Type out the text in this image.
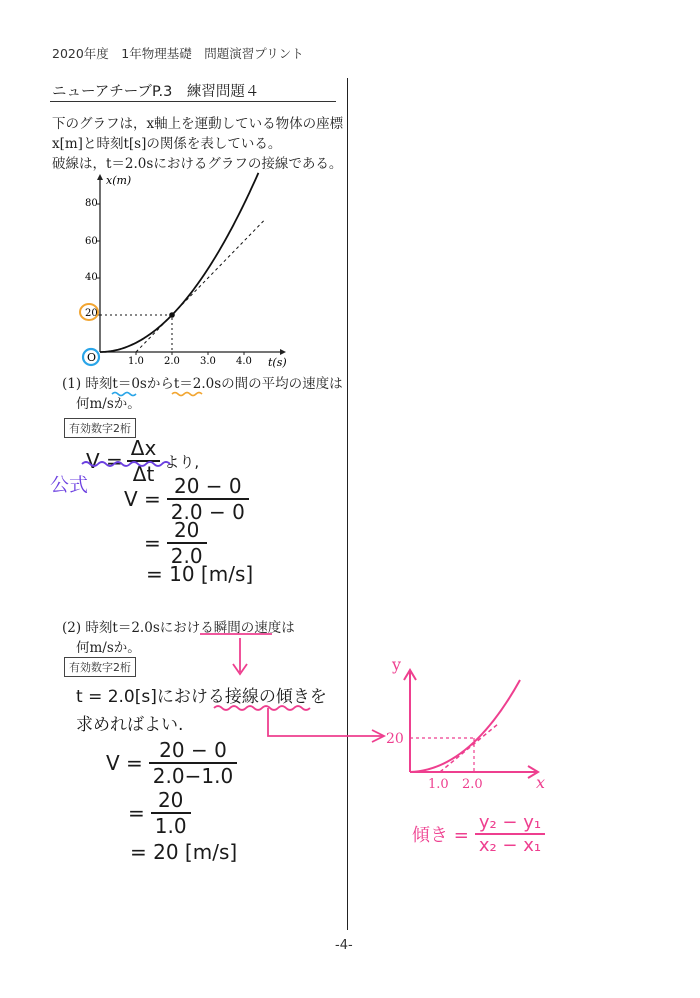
2020年度　1年物理基礎　問題演習プリント
ニューアチーブP.3　練習問題４
下のグラフは，x軸上を運動している物体の座標
x[m]と時刻t[s]の関係を表している。
破線は，t＝2.0sにおけるグラフの接線である。
x(m)
t(s)
80
60
40
20
1.0 2.0 3.0 4.0
O
(1) 時刻t＝0sからt＝2.0sの間の平均の速度は
何m/sか。
有効数字2桁
$V = \frac{\Delta x}{\Delta t}$ より,
公式
$V = \frac{20 - 0}{2.0 - 0}$
= $\frac{20}{2.0}$
= 10 [m/s]
(2) 時刻t＝2.0sにおける瞬間の速度は
何m/sか。
有効数字2桁
t = 2.0[s]における接線の傾きを
求めればよい.
$V = \frac{20 - 0}{2.0-1.0}$
= $\frac{20}{1.0}$
= 20 [m/s]
y
x
20
1.0 2.0
傾き = $\frac{\text{y₂ − y₁}}{\text{x₂ − x₁}}$
-4-
